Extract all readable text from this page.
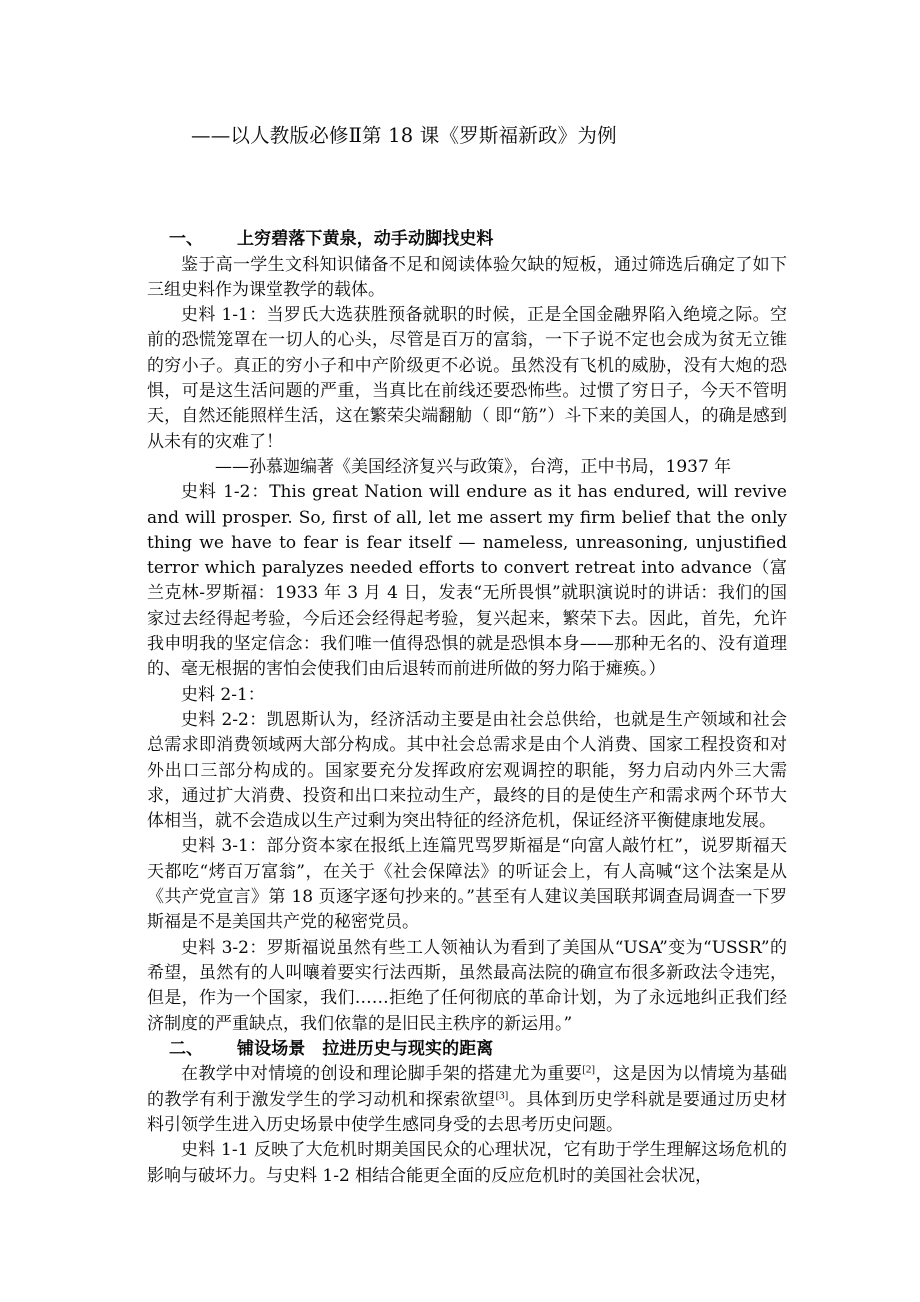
——以人教版必修Ⅱ第 18 课《罗斯福新政》为例
一、 上穷碧落下黄泉，动手动脚找史料

鉴于高一学生文科知识储备不足和阅读体验欠缺的短板，通过筛选后确定了如下三组史料作为课堂教学的载体。

史料 1-1：当罗氏大选获胜预备就职的时候，正是全国金融界陷入绝境之际。空前的恐慌笼罩在一切人的心头，尽管是百万的富翁，一下子说不定也会成为贫无立锥的穷小子。真正的穷小子和中产阶级更不必说。虽然没有飞机的威胁，没有大炮的恐惧，可是这生活问题的严重，当真比在前线还要恐怖些。过惯了穷日子，今天不管明天，自然还能照样生活，这在繁荣尖端翻觔（ 即“筋”）斗下来的美国人，的确是感到从未有的灾难了！

——孙慕迦编著《美国经济复兴与政策》，台湾，正中书局，1937 年

史料 1-2：This great Nation will endure as it has endured, will revive and will prosper. So, first of all, let me assert my firm belief that the only thing we have to fear is fear itself — nameless, unreasoning, unjustified terror which paralyzes needed efforts to convert retreat into advance（富兰克林-罗斯福：1933 年 3 月 4 日，发表“无所畏惧”就职演说时的讲话：我们的国家过去经得起考验，今后还会经得起考验，复兴起来，繁荣下去。因此，首先，允许我申明我的坚定信念：我们唯一值得恐惧的就是恐惧本身——那种无名的、没有道理的、毫无根据的害怕会使我们由后退转而前进所做的努力陷于瘫痪。）

史料 2-1：

史料 2-2：凯恩斯认为，经济活动主要是由社会总供给，也就是生产领域和社会总需求即消费领域两大部分构成。其中社会总需求是由个人消费、国家工程投资和对外出口三部分构成的。国家要充分发挥政府宏观调控的职能，努力启动内外三大需求，通过扩大消费、投资和出口来拉动生产，最终的目的是使生产和需求两个环节大体相当，就不会造成以生产过剩为突出特征的经济危机，保证经济平衡健康地发展。

史料 3-1：部分资本家在报纸上连篇咒骂罗斯福是“向富人敲竹杠”，说罗斯福天天都吃“烤百万富翁”，在关于《社会保障法》的听证会上，有人高喊“这个法案是从《共产党宣言》第 18 页逐字逐句抄来的。”甚至有人建议美国联邦调查局调查一下罗斯福是不是美国共产党的秘密党员。

史料 3-2：罗斯福说虽然有些工人领袖认为看到了美国从“USA”变为“USSR”的希望，虽然有的人叫嚷着要实行法西斯，虽然最高法院的确宣布很多新政法令违宪，但是，作为一个国家，我们……拒绝了任何彻底的革命计划，为了永远地纠正我们经济制度的严重缺点，我们依靠的是旧民主秩序的新运用。”

二、 铺设场景 拉进历史与现实的距离

在教学中对情境的创设和理论脚手架的搭建尤为重要[2]，这是因为以情境为基础的教学有利于激发学生的学习动机和探索欲望[3]。具体到历史学科就是要通过历史材料引领学生进入历史场景中使学生感同身受的去思考历史问题。

史料 1-1 反映了大危机时期美国民众的心理状况，它有助于学生理解这场危机的影响与破坏力。与史料 1-2 相结合能更全面的反应危机时的美国社会状况，
